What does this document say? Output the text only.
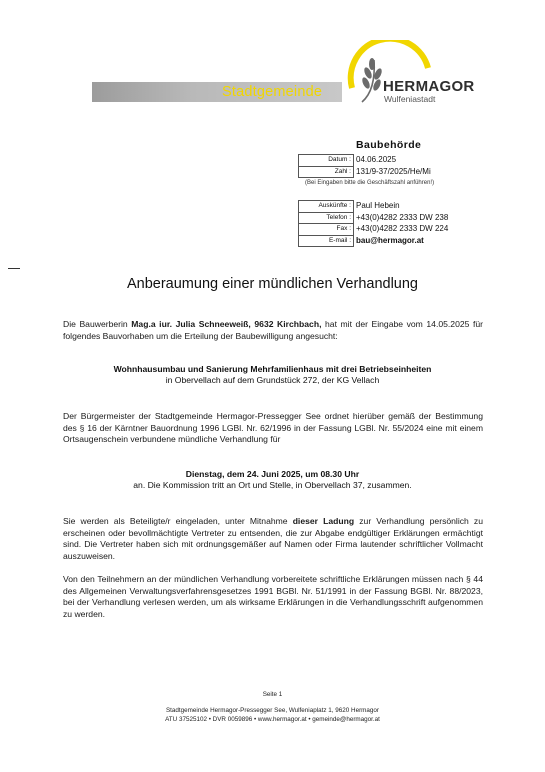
Stadtgemeinde	HERMAGOR
Wulfeniastadt
Baubehörde
Datum :	04.06.2025
Zahl :	131/9-37/2025/He/Mi
(Bei Eingaben bitte die Geschäftszahl anführen!)
Auskünfte :	Paul Hebein
Telefon :	+43(0)4282 2333 DW 238
Fax :	+43(0)4282 2333 DW 224
E-mail :	bau@hermagor.at
Anberaumung einer mündlichen Verhandlung
Die Bauwerberin Mag.a iur. Julia Schneeweiß, 9632 Kirchbach, hat mit der Eingabe vom 14.05.2025 für folgendes Bauvorhaben um die Erteilung der Baubewilligung angesucht:
Wohnhausumbau und Sanierung Mehrfamilienhaus mit drei Betriebseinheiten
in Obervellach auf dem Grundstück 272, der KG Vellach
Der Bürgermeister der Stadtgemeinde Hermagor-Pressegger See ordnet hierüber gemäß der Bestimmung des § 16 der Kärntner Bauordnung 1996 LGBl. Nr. 62/1996 in der Fassung LGBl. Nr. 55/2024 eine mit einem Ortsaugenschein verbundene mündliche Verhandlung für
Dienstag, dem 24. Juni 2025, um 08.30 Uhr
an. Die Kommission tritt an Ort und Stelle, in Obervellach 37, zusammen.
Sie werden als Beteiligte/r eingeladen, unter Mitnahme dieser Ladung zur Verhandlung persönlich zu erscheinen oder bevollmächtigte Vertreter zu entsenden, die zur Abgabe endgültiger Erklärungen ermächtigt sind. Die Vertreter haben sich mit ordnungsgemäßer auf Namen oder Firma lautender schriftlicher Vollmacht auszuweisen.
Von den Teilnehmern an der mündlichen Verhandlung vorbereitete schriftliche Erklärungen müssen nach § 44 des Allgemeinen Verwaltungsverfahrensgesetzes 1991 BGBl. Nr. 51/1991 in der Fassung BGBl. Nr. 88/2023, bei der Verhandlung verlesen werden, um als wirksame Erklärungen in die Verhandlungsschrift aufgenommen zu werden.
Seite 1
Stadtgemeinde Hermagor-Pressegger See, Wulfeniaplatz 1, 9620 Hermagor
ATU 37525102 • DVR 0059896 • www.hermagor.at • gemeinde@hermagor.at
